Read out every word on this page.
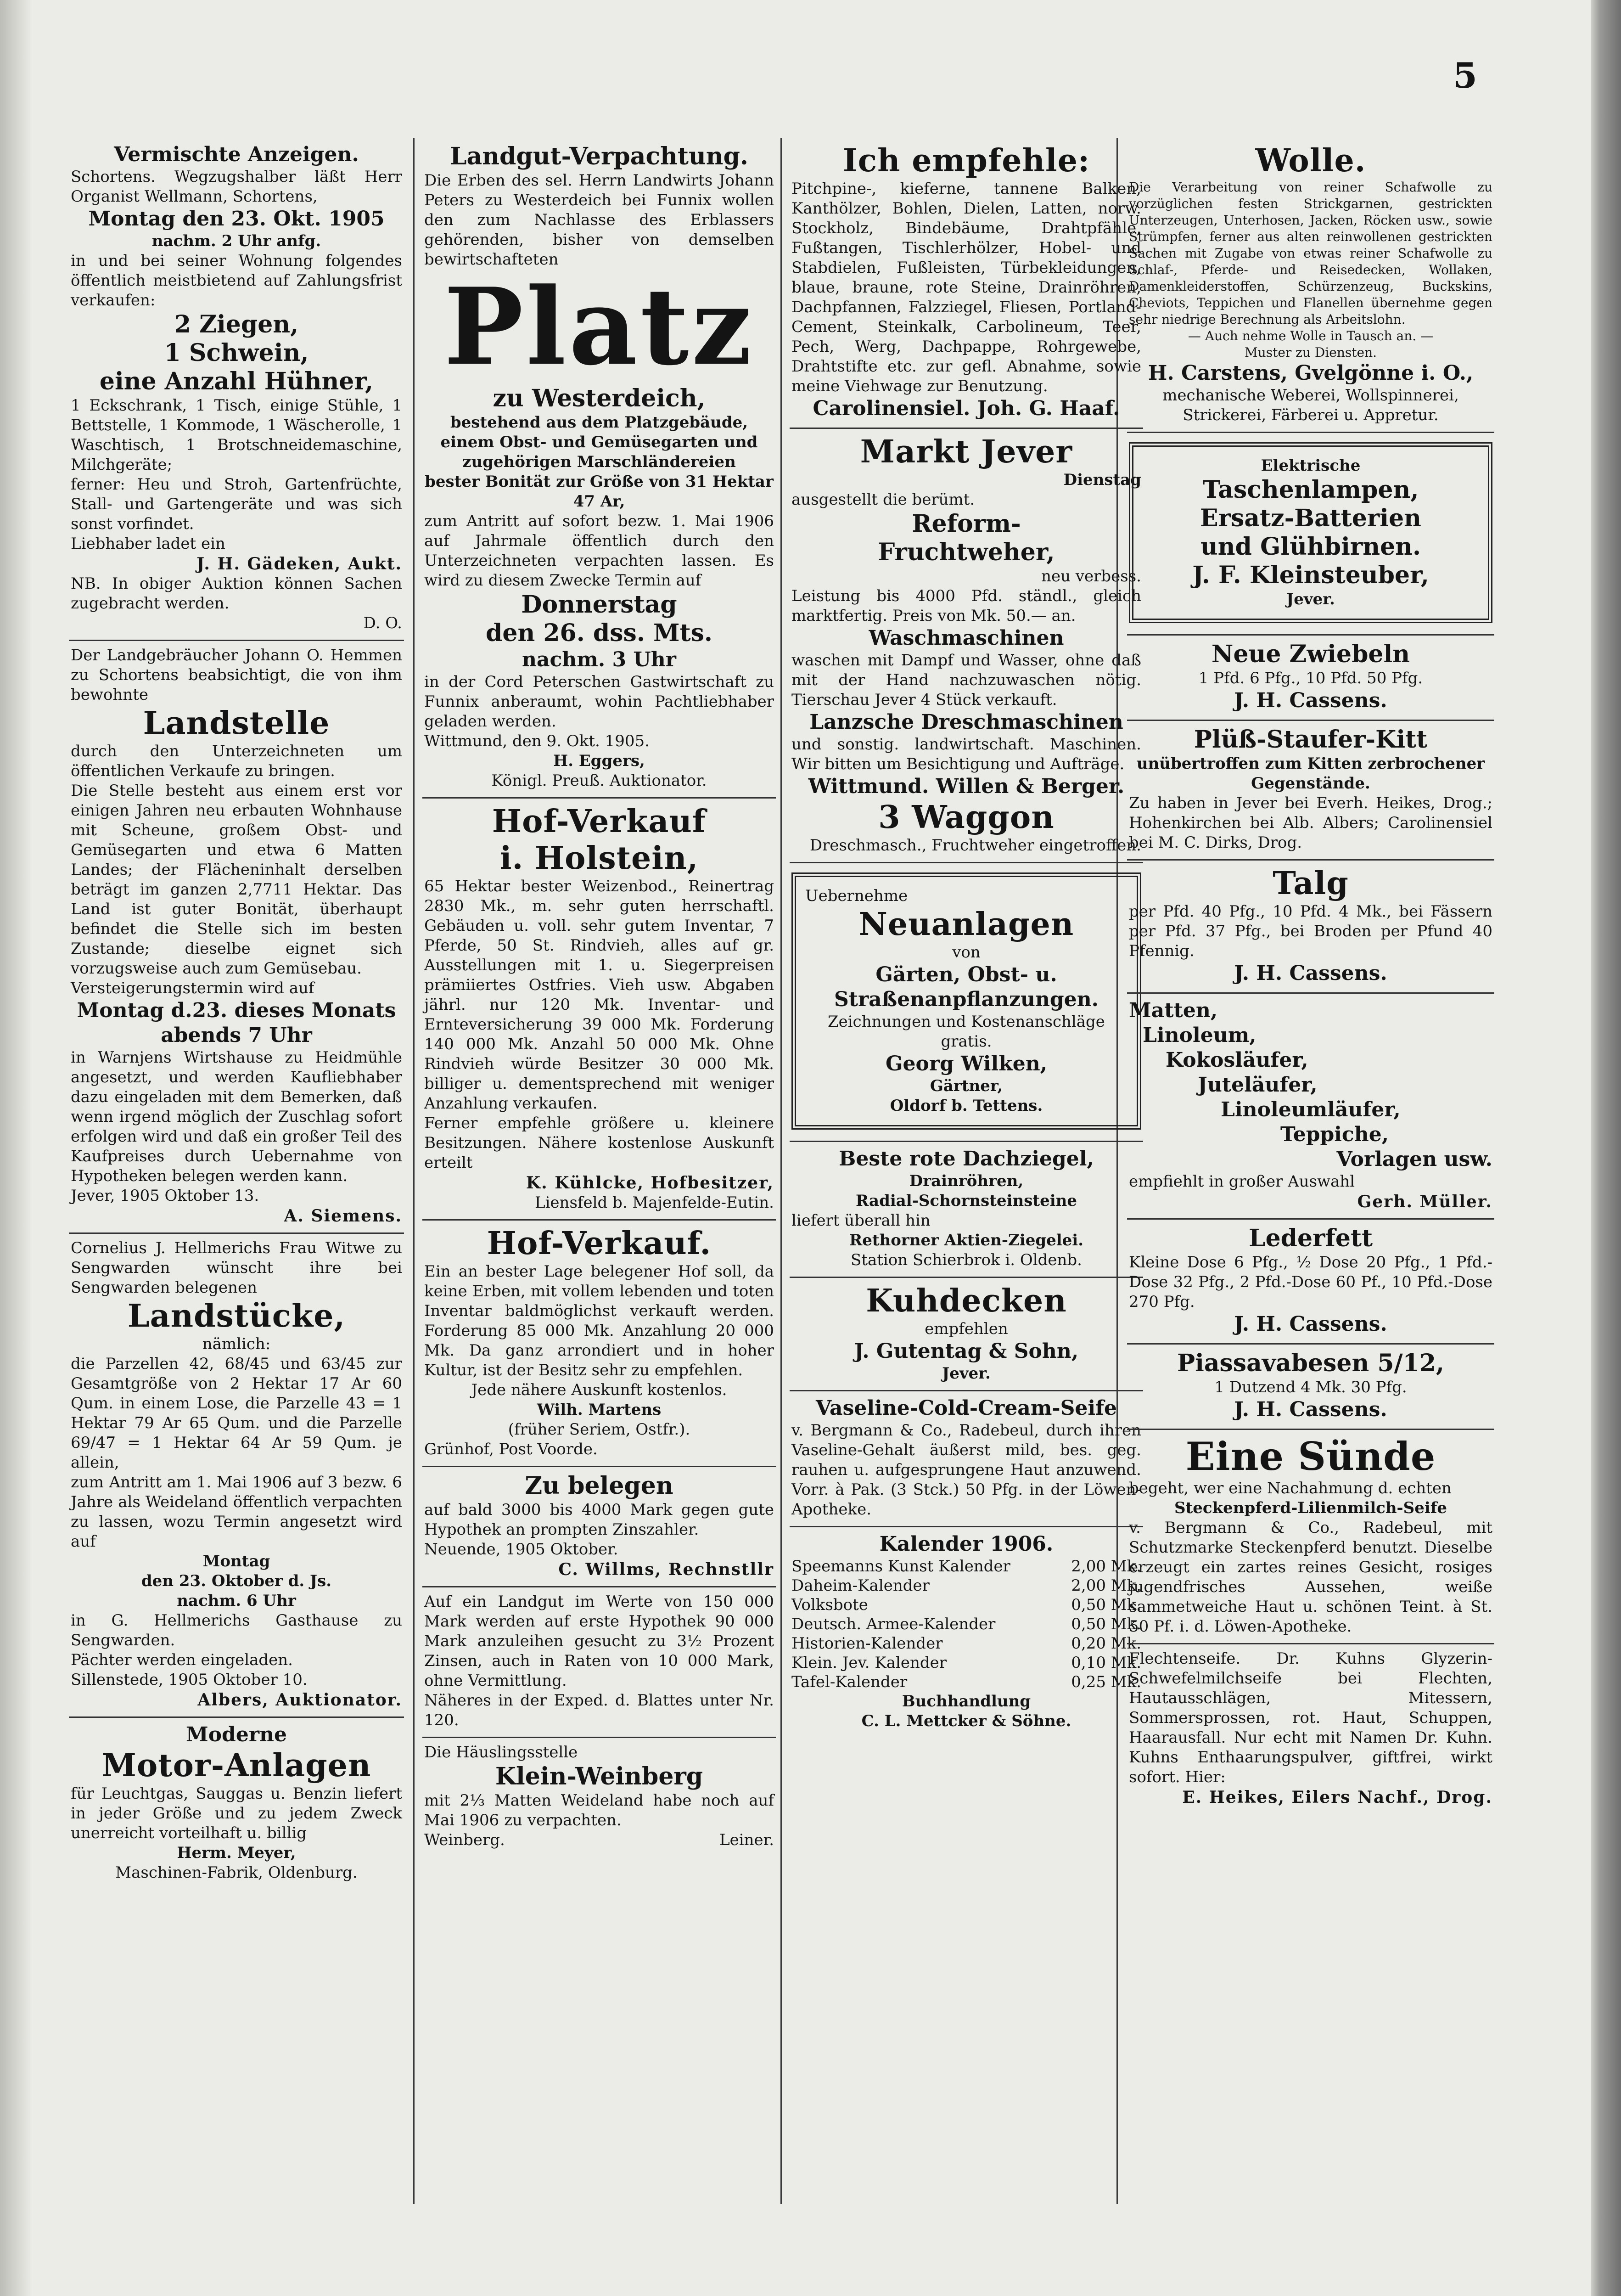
5

Vermischte Anzeigen.

Schortens. Wegzugshalber läßt Herr Organist Wellmann, Schortens,

Montag den 23. Okt. 1905

nachm. 2 Uhr anfg.

in und bei seiner Wohnung folgendes öffentlich meistbietend auf Zahlungsfrist verkaufen:

2 Ziegen,

1 Schwein,

eine Anzahl Hühner,

1 Eckschrank, 1 Tisch, einige Stühle, 1 Bettstelle, 1 Kommode, 1 Wäscherolle, 1 Waschtisch, 1 Brotschneidemaschine, Milchgeräte;

ferner: Heu und Stroh, Gartenfrüchte, Stall- und Gartengeräte und was sich sonst vorfindet.

Liebhaber ladet ein

J. H. Gädeken, Aukt.

NB. In obiger Auktion können Sachen zugebracht werden.

D. O.

Der Landgebräucher Johann O. Hemmen zu Schortens beabsichtigt, die von ihm bewohnte

Landstelle

durch den Unterzeichneten um öffentlichen Verkaufe zu bringen.

Die Stelle besteht aus einem erst vor einigen Jahren neu erbauten Wohnhause mit Scheune, großem Obst- und Gemüsegarten und etwa 6 Matten Landes; der Flächeninhalt derselben beträgt im ganzen 2,7711 Hektar. Das Land ist guter Bonität, überhaupt befindet die Stelle sich im besten Zustande; dieselbe eignet sich vorzugsweise auch zum Gemüsebau.

Versteigerungstermin wird auf

Montag d.23. dieses Monats

abends 7 Uhr

in Warnjens Wirtshause zu Heidmühle angesetzt, und werden Kaufliebhaber dazu eingeladen mit dem Bemerken, daß wenn irgend möglich der Zuschlag sofort erfolgen wird und daß ein großer Teil des Kaufpreises durch Uebernahme von Hypotheken belegen werden kann.

Jever, 1905 Oktober 13.

A. Siemens.

Cornelius J. Hellmerichs Frau Witwe zu Sengwarden wünscht ihre bei Sengwarden belegenen

Landstücke,

nämlich:

die Parzellen 42, 68/45 und 63/45 zur Gesamtgröße von 2 Hektar 17 Ar 60 Qum. in einem Lose, die Parzelle 43 = 1 Hektar 79 Ar 65 Qum. und die Parzelle 69/47 = 1 Hektar 64 Ar 59 Qum. je allein,

zum Antritt am 1. Mai 1906 auf 3 bezw. 6 Jahre als Weideland öffentlich verpachten zu lassen, wozu Termin angesetzt wird auf

Montag

den 23. Oktober d. Js.

nachm. 6 Uhr

in G. Hellmerichs Gasthause zu Sengwarden.

Pächter werden eingeladen.

Sillenstede, 1905 Oktober 10.

Albers, Auktionator.

Moderne

Motor-Anlagen

für Leuchtgas, Sauggas u. Benzin liefert in jeder Größe und zu jedem Zweck unerreicht vorteilhaft u. billig

Herm. Meyer,

Maschinen-Fabrik, Oldenburg.

Landgut-Verpachtung.

Die Erben des sel. Herrn Landwirts Johann Peters zu Westerdeich bei Funnix wollen den zum Nachlasse des Erblassers gehörenden, bisher von demselben bewirtschafteten

Platz

zu Westerdeich,

bestehend aus dem Platzgebäude, einem Obst- und Gemüsegarten und zugehörigen Marschländereien

bester Bonität zur Größe von 31 Hektar 47 Ar,

zum Antritt auf sofort bezw. 1. Mai 1906 auf Jahrmale öffentlich durch den Unterzeichneten verpachten lassen. Es wird zu diesem Zwecke Termin auf

Donnerstag

den 26. dss. Mts.

nachm. 3 Uhr

in der Cord Peterschen Gastwirtschaft zu Funnix anberaumt, wohin Pachtliebhaber geladen werden.

Wittmund, den 9. Okt. 1905.

H. Eggers,

Königl. Preuß. Auktionator.

Hof-Verkauf

i. Holstein,

65 Hektar bester Weizenbod., Reinertrag 2830 Mk., m. sehr guten herrschaftl. Gebäuden u. voll. sehr gutem Inventar, 7 Pferde, 50 St. Rindvieh, alles auf gr. Ausstellungen mit 1. u. Siegerpreisen prämiiertes Ostfries. Vieh usw. Abgaben jährl. nur 120 Mk. Inventar- und Ernteversicherung 39 000 Mk. Forderung 140 000 Mk. Anzahl 50 000 Mk. Ohne Rindvieh würde Besitzer 30 000 Mk. billiger u. dementsprechend mit weniger Anzahlung verkaufen.

Ferner empfehle größere u. kleinere Besitzungen. Nähere kostenlose Auskunft erteilt

K. Kühlcke, Hofbesitzer,

Liensfeld b. Majenfelde-Eutin.

Hof-Verkauf.

Ein an bester Lage belegener Hof soll, da keine Erben, mit vollem lebenden und toten Inventar baldmöglichst verkauft werden. Forderung 85 000 Mk. Anzahlung 20 000 Mk. Da ganz arrondiert und in hoher Kultur, ist der Besitz sehr zu empfehlen.

Jede nähere Auskunft kostenlos.

Wilh. Martens

(früher Seriem, Ostfr.).

Grünhof, Post Voorde.

Zu belegen

auf bald 3000 bis 4000 Mark gegen gute Hypothek an prompten Zinszahler.

Neuende, 1905 Oktober.

C. Willms, Rechnstllr

Auf ein Landgut im Werte von 150 000 Mark werden auf erste Hypothek 90 000 Mark anzuleihen gesucht zu 3½ Prozent Zinsen, auch in Raten von 10 000 Mark, ohne Vermittlung.

Näheres in der Exped. d. Blattes unter Nr. 120.

Die Häuslingsstelle

Klein-Weinberg

mit 2⅓ Matten Weideland habe noch auf Mai 1906 zu verpachten.

Weinberg.	Leiner.

Ich empfehle:

Pitchpine-, kieferne, tannene Balken, Kanthölzer, Bohlen, Dielen, Latten, norw. Stockholz, Bindebäume, Drahtpfähle, Fußtangen, Tischlerhölzer, Hobel- und Stabdielen, Fußleisten, Türbekleidungen, blaue, braune, rote Steine, Drainröhren, Dachpfannen, Falzziegel, Fliesen, Portland-Cement, Steinkalk, Carbolineum, Teer, Pech, Werg, Dachpappe, Rohrgewebe, Drahtstifte etc. zur gefl. Abnahme, sowie meine Viehwage zur Benutzung.

Carolinensiel. Joh. G. Haaf.

Markt Jever

Dienstag

ausgestellt die berümt.

Reform-

Fruchtweher,

neu verbess.

Leistung bis 4000 Pfd. ständl., gleich marktfertig. Preis von Mk. 50.— an.

Waschmaschinen

waschen mit Dampf und Wasser, ohne daß mit der Hand nachzuwaschen nötig. Tierschau Jever 4 Stück verkauft.

Lanzsche Dreschmaschinen

und sonstig. landwirtschaft. Maschinen. Wir bitten um Besichtigung und Aufträge.

Wittmund. Willen & Berger.

3 Waggon

Dreschmasch., Fruchtweher eingetroffen.

Uebernehme

Neuanlagen

von

Gärten, Obst- u. Straßenanpflanzungen.

Zeichnungen und Kostenanschläge gratis.

Georg Wilken,

Gärtner,

Oldorf b. Tettens.

Beste rote Dachziegel,

Drainröhren,

Radial-Schornsteinsteine

liefert überall hin

Rethorner Aktien-Ziegelei.

Station Schierbrok i. Oldenb.

Kuhdecken

empfehlen

J. Gutentag & Sohn,

Jever.

Vaseline-Cold-Cream-Seife

v. Bergmann & Co., Radebeul, durch ihren Vaseline-Gehalt äußerst mild, bes. geg. rauhen u. aufgesprungene Haut anzuwend. Vorr. à Pak. (3 Stck.) 50 Pfg. in der Löwen-Apotheke.

Kalender 1906.

Speemanns Kunst Kalender	2,00 Mk.
Daheim-Kalender	2,00 Mk.
Volksbote	0,50 Mk.
Deutsch. Armee-Kalender	0,50 Mk.
Historien-Kalender	0,20 Mk.
Klein. Jev. Kalender	0,10 Mk.
Tafel-Kalender	0,25 Mk.

Buchhandlung

C. L. Mettcker & Söhne.

Wolle.

Die Verarbeitung von reiner Schafwolle zu vorzüglichen festen Strickgarnen, gestrickten Unterzeugen, Unterhosen, Jacken, Röcken usw., sowie Strümpfen, ferner aus alten reinwollenen gestrickten Sachen mit Zugabe von etwas reiner Schafwolle zu Schlaf-, Pferde- und Reisedecken, Wollaken, Damenkleiderstoffen, Schürzenzeug, Buckskins, Cheviots, Teppichen und Flanellen übernehme gegen sehr niedrige Berechnung als Arbeitslohn.

— Auch nehme Wolle in Tausch an. —

Muster zu Diensten.

H. Carstens, Gvelgönne i. O.,

mechanische Weberei, Wollspinnerei, Strickerei, Färberei u. Appretur.

Elektrische

Taschenlampen,

Ersatz-Batterien

und Glühbirnen.

J. F. Kleinsteuber,

Jever.

Neue Zwiebeln

1 Pfd. 6 Pfg., 10 Pfd. 50 Pfg.

J. H. Cassens.

Plüß-Staufer-Kitt

unübertroffen zum Kitten zerbrochener Gegenstände.

Zu haben in Jever bei Everh. Heikes, Drog.; Hohenkirchen bei Alb. Albers; Carolinensiel bei M. C. Dirks, Drog.

Talg

per Pfd. 40 Pfg., 10 Pfd. 4 Mk., bei Fässern per Pfd. 37 Pfg., bei Broden per Pfund 40 Pfennig.

J. H. Cassens.

Matten,

Linoleum,

Kokosläufer,

Juteläufer,

Linoleumläufer,

Teppiche,

Vorlagen usw.

empfiehlt in großer Auswahl

Gerh. Müller.

Lederfett

Kleine Dose 6 Pfg., ½ Dose 20 Pfg., 1 Pfd.-Dose 32 Pfg., 2 Pfd.-Dose 60 Pf., 10 Pfd.-Dose 270 Pfg.

J. H. Cassens.

Piassavabesen 5/12,

1 Dutzend 4 Mk. 30 Pfg.

J. H. Cassens.

Eine Sünde

begeht, wer eine Nachahmung d. echten

Steckenpferd-Lilienmilch-Seife

v. Bergmann & Co., Radebeul, mit Schutzmarke Steckenpferd benutzt. Dieselbe erzeugt ein zartes reines Gesicht, rosiges jugendfrisches Aussehen, weiße sammetweiche Haut u. schönen Teint. à St. 50 Pf. i. d. Löwen-Apotheke.

Flechtenseife. Dr. Kuhns Glyzerin-Schwefelmilchseife bei Flechten, Hautausschlägen, Mitessern, Sommersprossen, rot. Haut, Schuppen, Haarausfall. Nur echt mit Namen Dr. Kuhn. Kuhns Enthaarungspulver, giftfrei, wirkt sofort. Hier:

E. Heikes, Eilers Nachf., Drog.
